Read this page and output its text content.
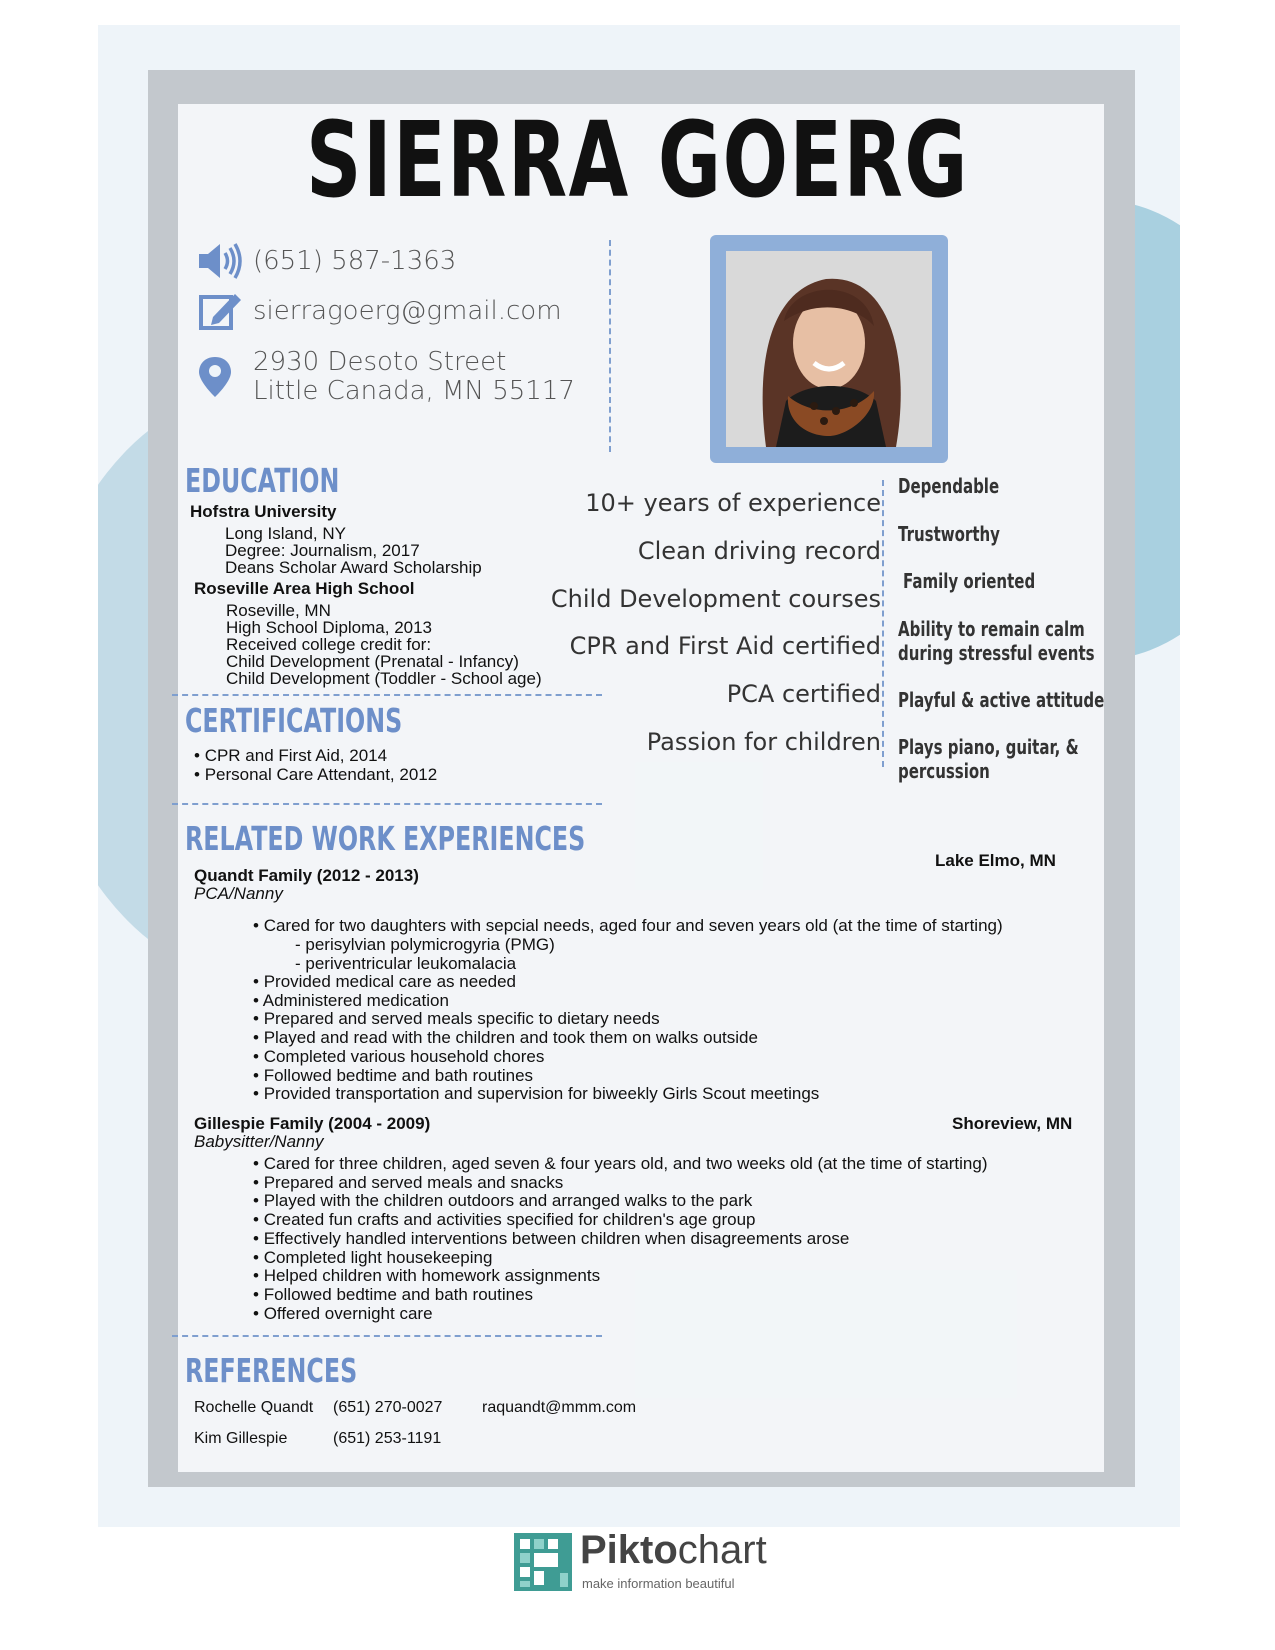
SIERRA GOERG
(651) 587-1363
sierragoerg@gmail.com
2930 Desoto Street
Little Canada, MN 55117
EDUCATION
Hofstra University
Long Island, NY
Degree: Journalism, 2017
Deans Scholar Award Scholarship
Roseville Area High School
Roseville, MN
High School Diploma, 2013
Received college credit for:
Child Development (Prenatal - Infancy)
Child Development (Toddler - School age)
CERTIFICATIONS
• CPR and First Aid, 2014
• Personal Care Attendant, 2012
10+ years of experience
Clean driving record
Child Development courses
CPR and First Aid certified
PCA certified
Passion for children
Dependable
Trustworthy
Family oriented
Ability to remain calm
during stressful events
Playful & active attitude
Plays piano, guitar, &
percussion
RELATED WORK EXPERIENCES
Quandt Family (2012 - 2013)
Lake Elmo, MN
PCA/Nanny
• Cared for two daughters with sepcial needs, aged four and seven years old (at the time of starting)
- perisylvian polymicrogyria (PMG)
- periventricular leukomalacia
• Provided medical care as needed
• Administered medication
• Prepared and served meals specific to dietary needs
• Played and read with the children and took them on walks outside
• Completed various household chores
• Followed bedtime and bath routines
• Provided transportation and supervision for biweekly Girls Scout meetings
Gillespie Family (2004 - 2009)	Shoreview, MN
Babysitter/Nanny
• Cared for three children, aged seven & four years old, and two weeks old (at the time of starting)
• Prepared and served meals and snacks
• Played with the children outdoors and arranged walks to the park
• Created fun crafts and activities specified for children's age group
• Effectively handled interventions between children when disagreements arose
• Completed light housekeeping
• Helped children with homework assignments
• Followed bedtime and bath routines
• Offered overnight care
REFERENCES
Rochelle Quandt (651) 270-0027 raquandt@mmm.com
Kim Gillespie	(651) 253-1191
Piktochart
make information beautiful
